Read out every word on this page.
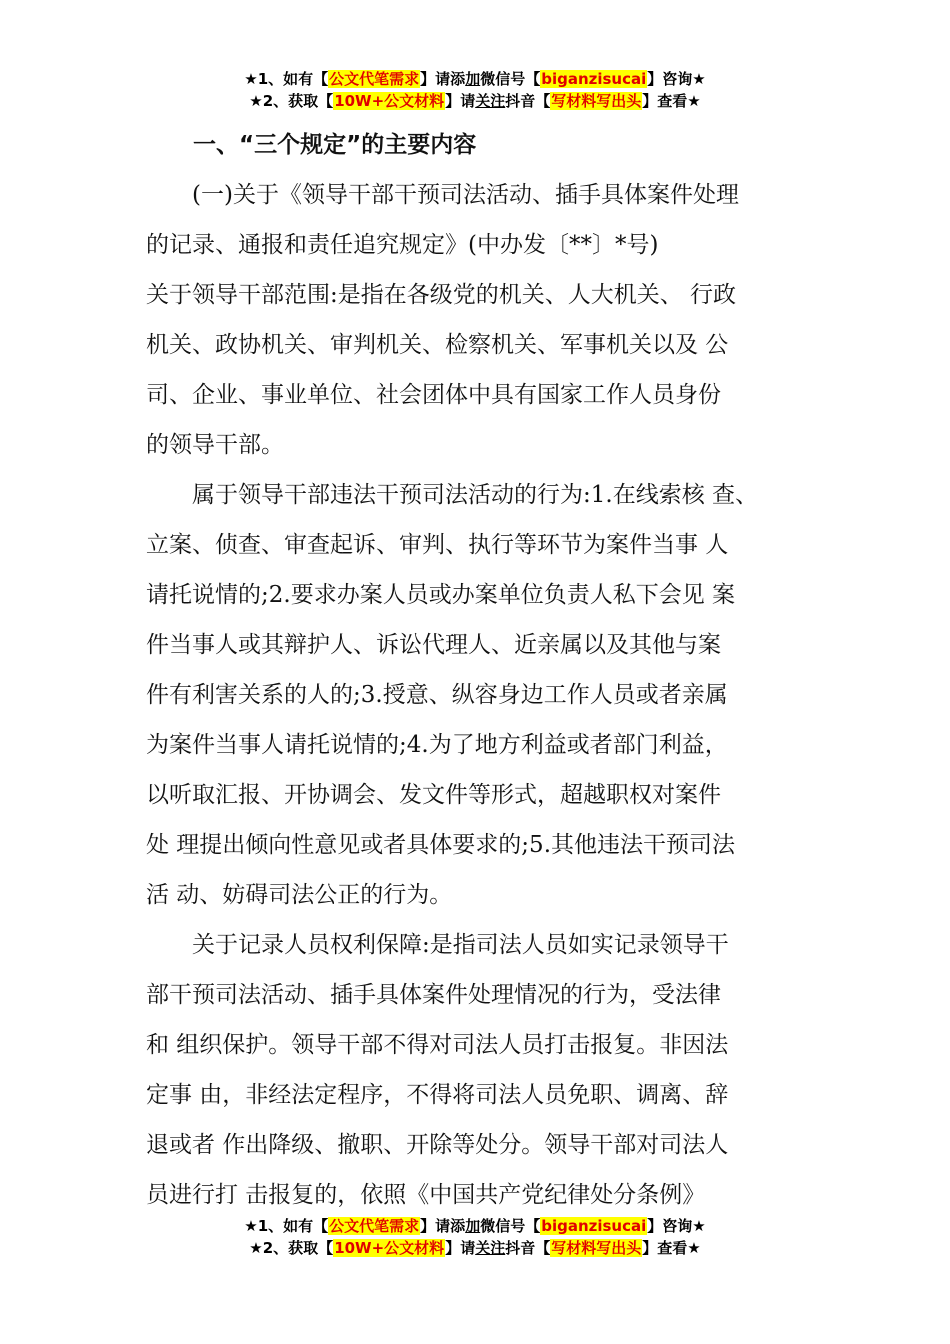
★1、如有【公文代笔需求】请添加微信号【biganzisucai】咨询★
★2、获取【10W+公文材料】请关注抖音【写材料写出头】查看★
一、“三个规定”的主要内容
(一)关于《领导干部干预司法活动、插手具体案件处理
的记录、通报和责任追究规定》(中办发〔**〕*号)
关于领导干部范围:是指在各级党的机关、人大机关、 行政
机关、政协机关、审判机关、检察机关、军事机关以及 公
司、企业、事业单位、社会团体中具有国家工作人员身份
的领导干部。
属于领导干部违法干预司法活动的行为:1.在线索核 查、
立案、侦查、审查起诉、审判、执行等环节为案件当事 人
请托说情的;2.要求办案人员或办案单位负责人私下会见 案
件当事人或其辩护人、诉讼代理人、近亲属以及其他与案
件有利害关系的人的;3.授意、纵容身边工作人员或者亲属
为案件当事人请托说情的;4.为了地方利益或者部门利益，
以听取汇报、开协调会、发文件等形式，超越职权对案件
处 理提出倾向性意见或者具体要求的;5.其他违法干预司法
活 动、妨碍司法公正的行为。
关于记录人员权利保障:是指司法人员如实记录领导干
部干预司法活动、插手具体案件处理情况的行为，受法律
和 组织保护。领导干部不得对司法人员打击报复。非因法
定事 由，非经法定程序，不得将司法人员免职、调离、辞
退或者 作出降级、撤职、开除等处分。领导干部对司法人
员进行打 击报复的，依照《中国共产党纪律处分条例》
★1、如有【公文代笔需求】请添加微信号【biganzisucai】咨询★
★2、获取【10W+公文材料】请关注抖音【写材料写出头】查看★
